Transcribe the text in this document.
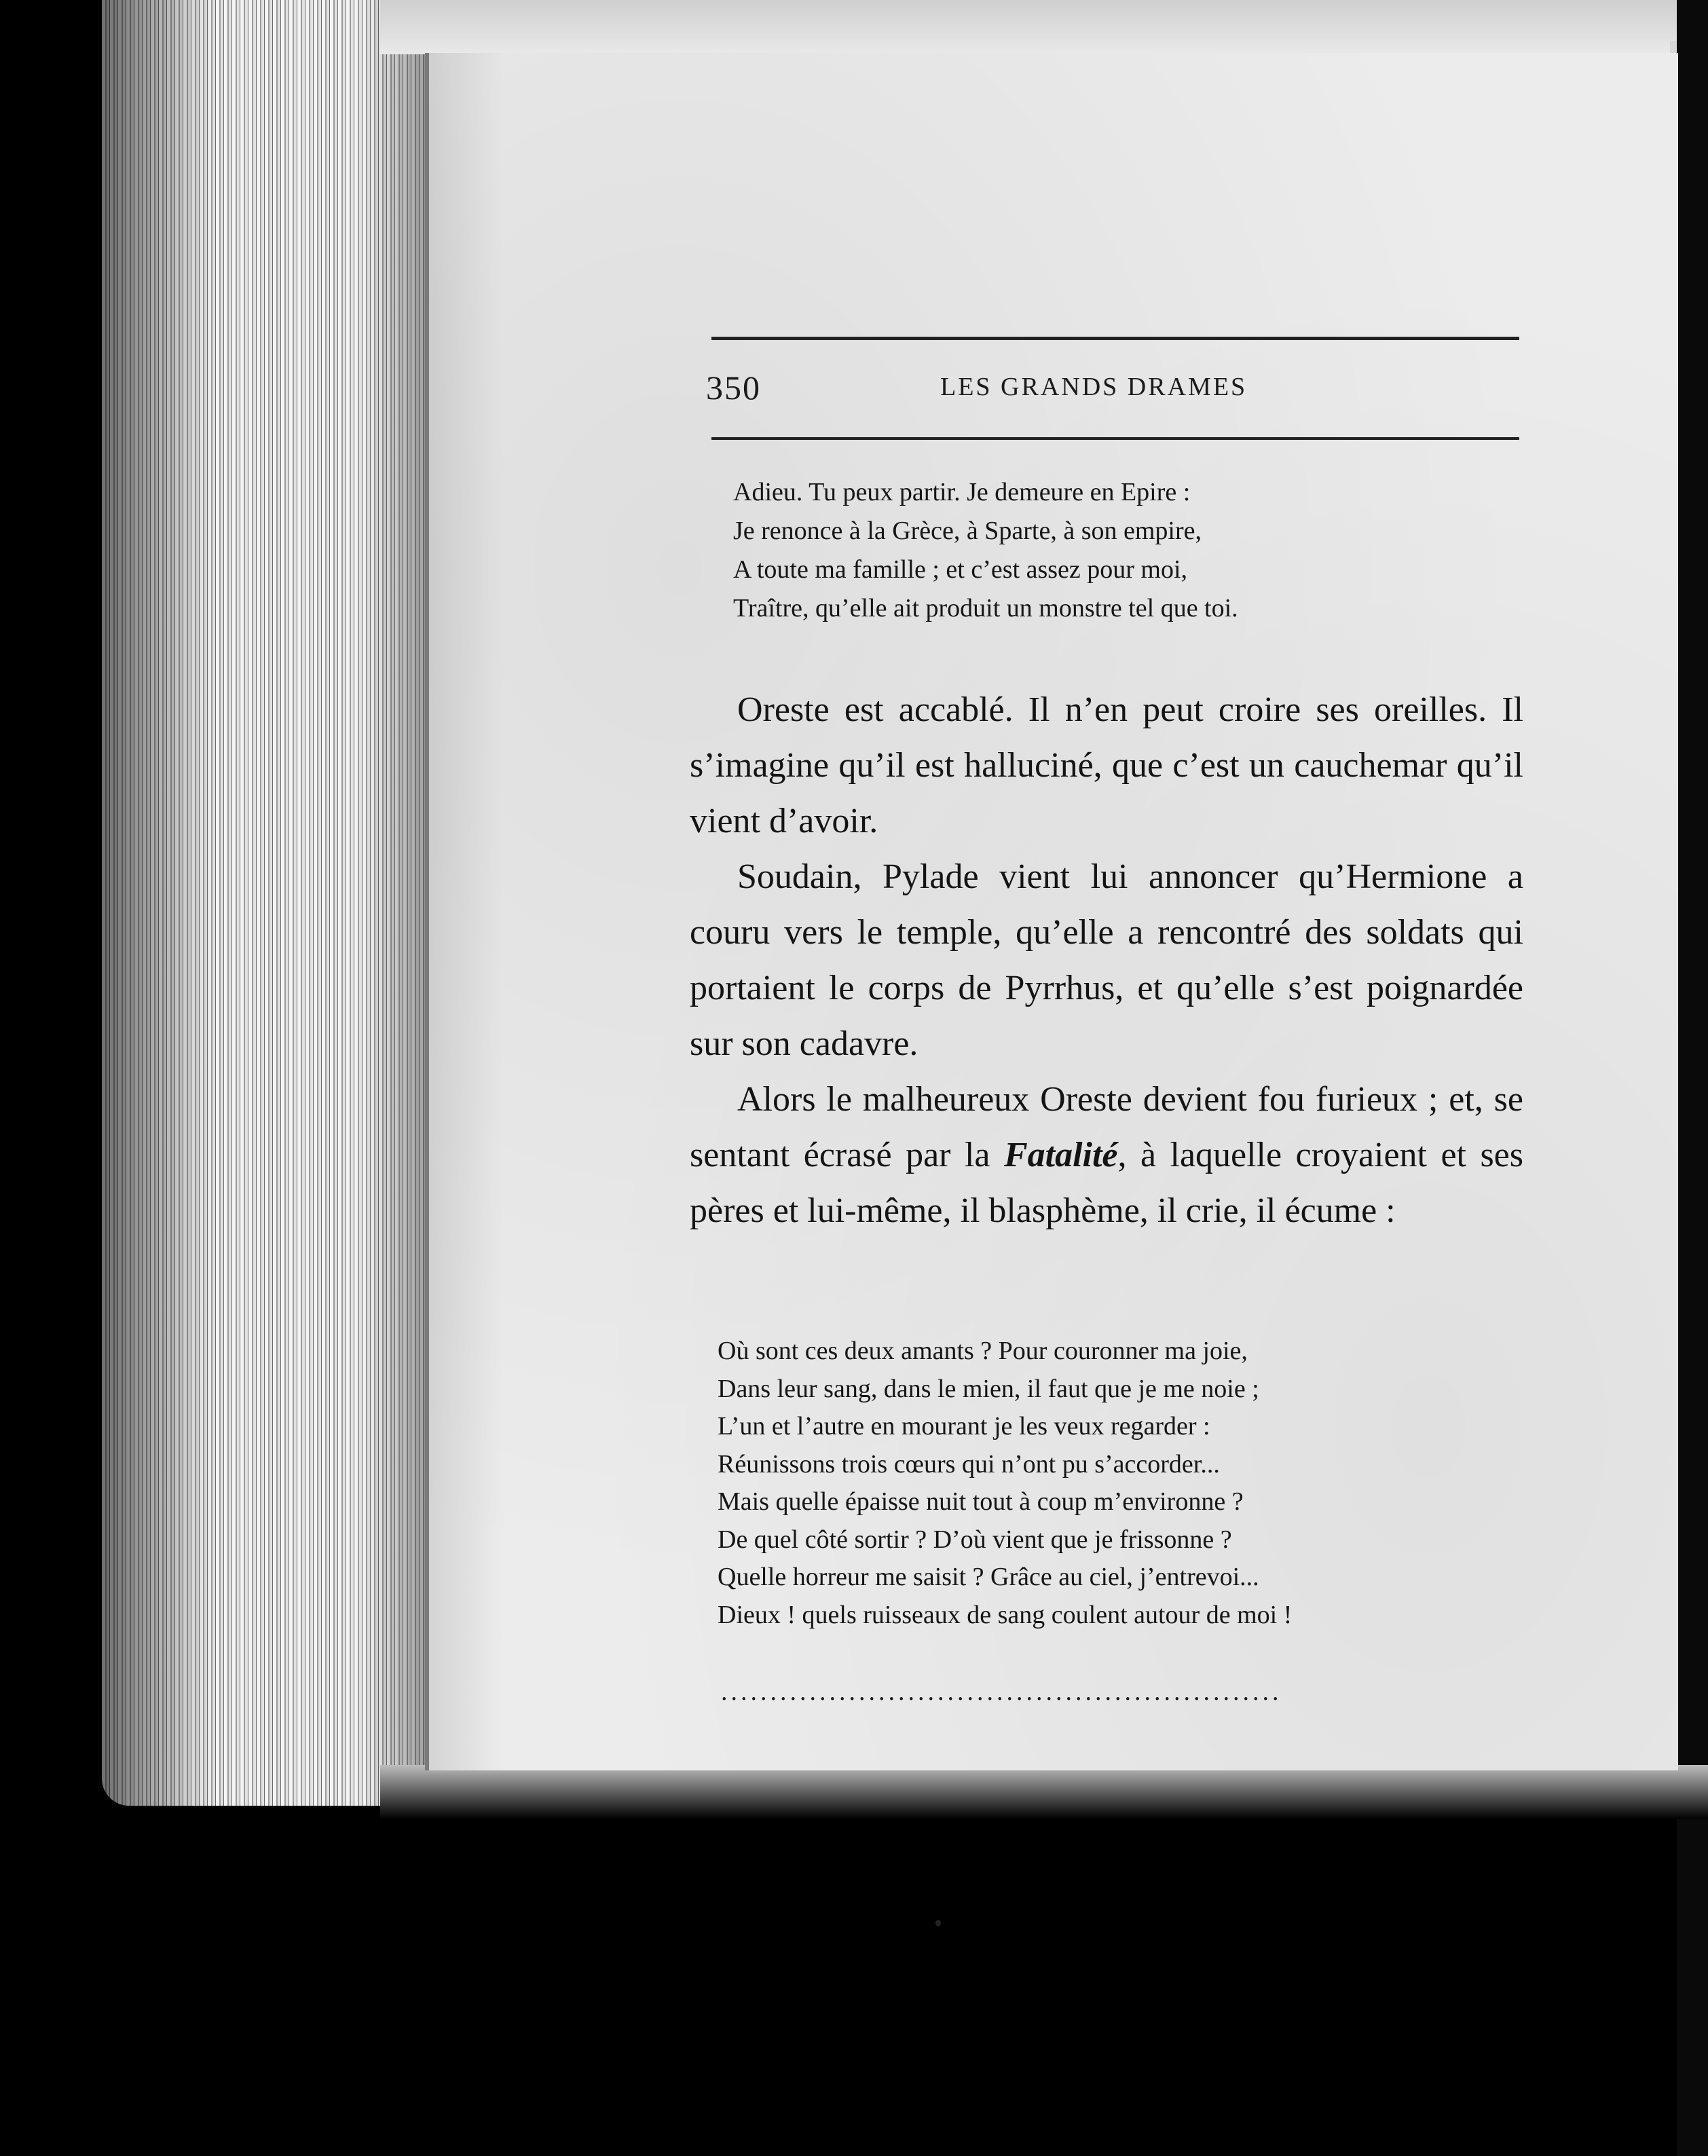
350	LES GRANDS DRAMES
Adieu. Tu peux partir. Je demeure en Epire :
Je renonce à la Grèce, à Sparte, à son empire,
A toute ma famille ; et c’est assez pour moi,
Traître, qu’elle ait produit un monstre tel que toi.

Oreste est accablé. Il n’en peut croire ses oreilles. Il s’imagine qu’il est halluciné, que c’est un cauchemar qu’il vient d’avoir.

Soudain, Pylade vient lui annoncer qu’Hermione a couru vers le temple, qu’elle a rencontré des soldats qui portaient le corps de Pyrrhus, et qu’elle s’est poignardée sur son cadavre.

Alors le malheureux Oreste devient fou furieux ; et, se sentant écrasé par la Fatalité, à laquelle croyaient et ses pères et lui-même, il blasphème, il crie, il écume :

Où sont ces deux amants ? Pour couronner ma joie,
Dans leur sang, dans le mien, il faut que je me noie ;
L’un et l’autre en mourant je les veux regarder :
Réunissons trois cœurs qui n’ont pu s’accorder...
Mais quelle épaisse nuit tout à coup m’environne ?
De quel côté sortir ? D’où vient que je frissonne ?
Quelle horreur me saisit ? Grâce au ciel, j’entrevoi...
Dieux ! quels ruisseaux de sang coulent autour de moi !
.........................................................
